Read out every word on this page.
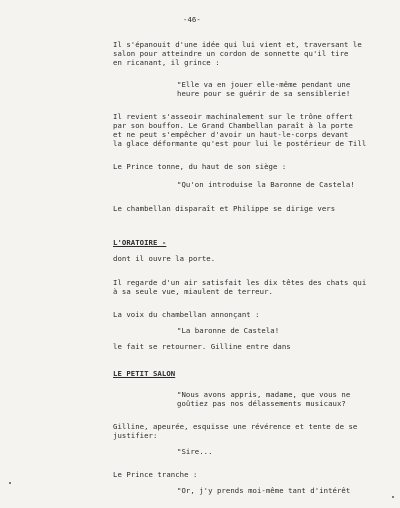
-46-
Il s'épanouit d'une idée qui lui vient et, traversant le
salon pour atteindre un cordon de sonnette qu'il tire
en ricanant, il grince :
"Elle va en jouer elle-même pendant une
heure pour se guérir de sa sensiblerie!
Il revient s'asseoir machinalement sur le trône offert
par son bouffon. Le Grand Chambellan paraît à la porte
et ne peut s'empêcher d'avoir un haut-le-corps devant
la glace déformante qu'est pour lui le postérieur de Till
Le Prince tonne, du haut de son siège :
"Qu'on introduise la Baronne de Castela!
Le chambellan disparaît et Philippe se dirige vers
L'ORATOIRE -
dont il ouvre la porte.
Il regarde d'un air satisfait les dix têtes des chats qui
à sa seule vue, miaulent de terreur.
La voix du chambellan annonçant :
"La baronne de Castela!
le fait se retourner. Gilline entre dans
LE PETIT SALON
"Nous avons appris, madame, que vous ne
goûtiez pas nos délassements musicaux?
Gilline, apeurée, esquisse une révérence et tente de se
justifier:
"Sire...
Le Prince tranche :
"Or, j'y prends moi-même tant d'intérêt
